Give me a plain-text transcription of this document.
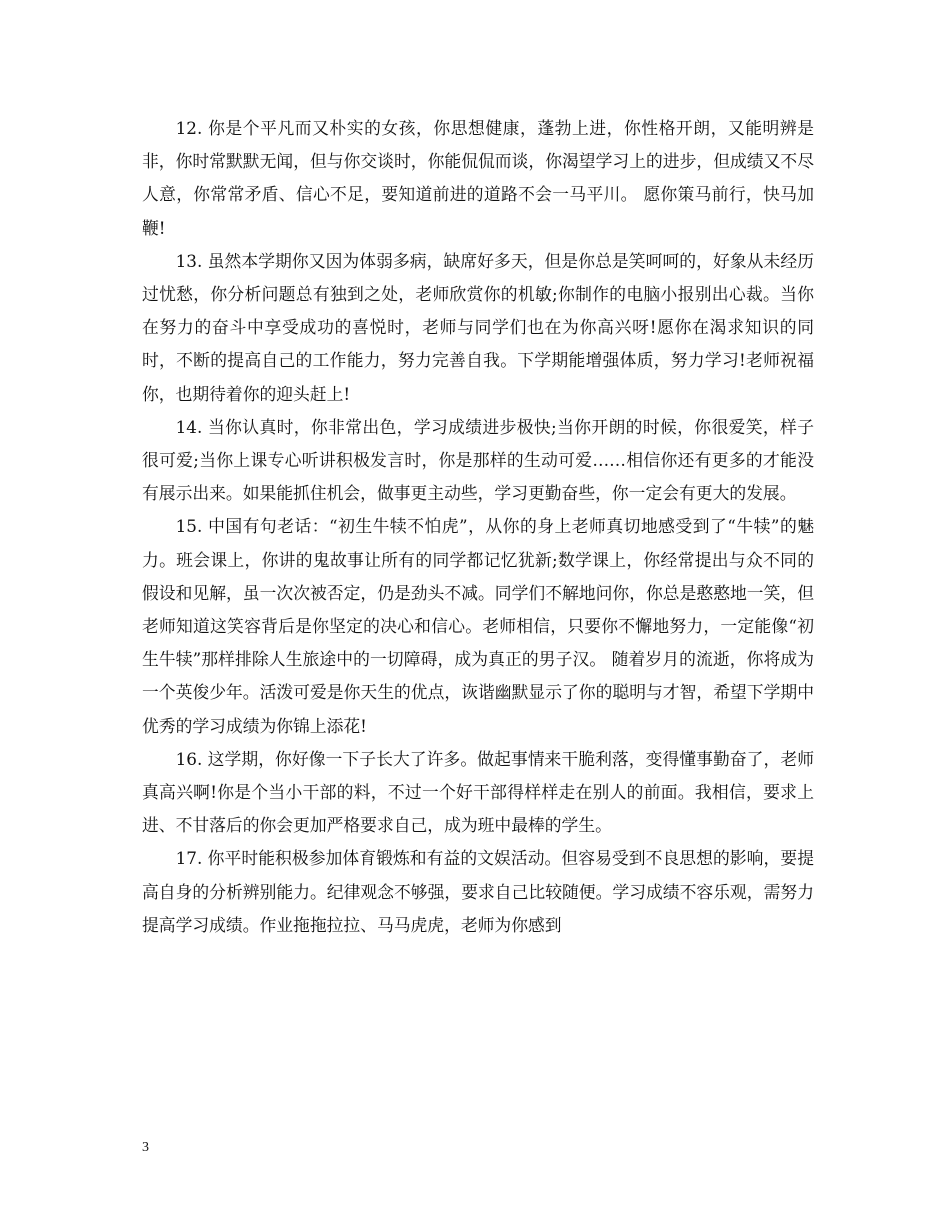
12. 你是个平凡而又朴实的女孩，你思想健康，蓬勃上进，你性格开朗，又能明辨是非，你时常默默无闻，但与你交谈时，你能侃侃而谈，你渴望学习上的进步，但成绩又不尽人意，你常常矛盾、信心不足，要知道前进的道路不会一马平川。 愿你策马前行，快马加鞭!

13. 虽然本学期你又因为体弱多病，缺席好多天，但是你总是笑呵呵的，好象从未经历过忧愁，你分析问题总有独到之处，老师欣赏你的机敏;你制作的电脑小报别出心裁。当你在努力的奋斗中享受成功的喜悦时，老师与同学们也在为你高兴呀!愿你在渴求知识的同时，不断的提高自己的工作能力，努力完善自我。下学期能增强体质，努力学习!老师祝福你，也期待着你的迎头赶上!

14. 当你认真时，你非常出色，学习成绩进步极快;当你开朗的时候，你很爱笑，样子很可爱;当你上课专心听讲积极发言时，你是那样的生动可爱……相信你还有更多的才能没有展示出来。如果能抓住机会，做事更主动些，学习更勤奋些，你一定会有更大的发展。

15. 中国有句老话：“初生牛犊不怕虎”，从你的身上老师真切地感受到了“牛犊”的魅力。班会课上，你讲的鬼故事让所有的同学都记忆犹新;数学课上，你经常提出与众不同的假设和见解，虽一次次被否定，仍是劲头不减。同学们不解地问你，你总是憨憨地一笑，但老师知道这笑容背后是你坚定的决心和信心。老师相信，只要你不懈地努力，一定能像“初生牛犊”那样排除人生旅途中的一切障碍，成为真正的男子汉。 随着岁月的流逝，你将成为一个英俊少年。活泼可爱是你天生的优点，诙谐幽默显示了你的聪明与才智，希望下学期中优秀的学习成绩为你锦上添花!

16. 这学期，你好像一下子长大了许多。做起事情来干脆利落，变得懂事勤奋了，老师真高兴啊!你是个当小干部的料，不过一个好干部得样样走在别人的前面。我相信，要求上进、不甘落后的你会更加严格要求自己，成为班中最棒的学生。

17. 你平时能积极参加体育锻炼和有益的文娱活动。但容易受到不良思想的影响，要提高自身的分析辨别能力。纪律观念不够强，要求自己比较随便。学习成绩不容乐观，需努力提高学习成绩。作业拖拖拉拉、马马虎虎，老师为你感到

3
